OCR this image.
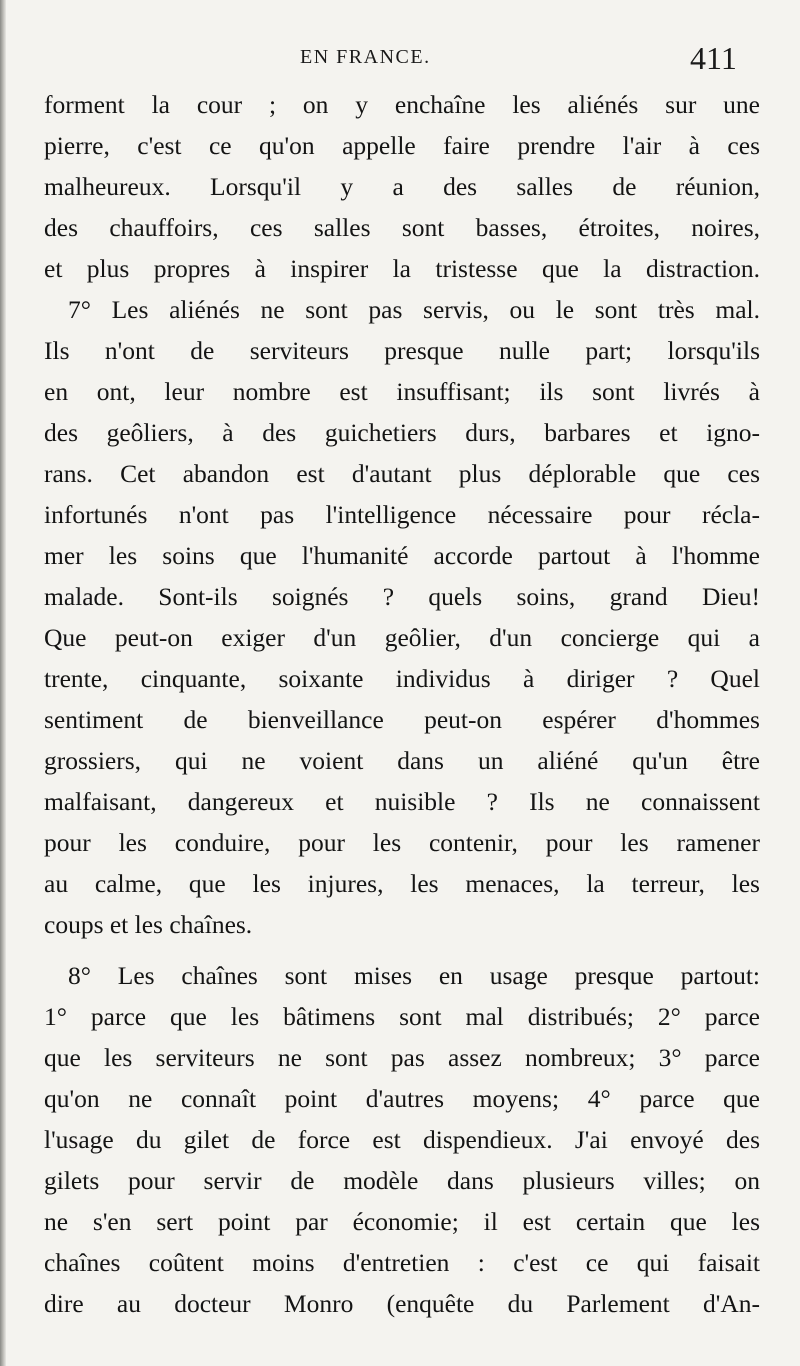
EN FRANCE.	411
forment la cour ; on y enchaîne les aliénés sur une
pierre, c'est ce qu'on appelle faire prendre l'air à ces
malheureux. Lorsqu'il y a des salles de réunion,
des chauffoirs, ces salles sont basses, étroites, noires,
et plus propres à inspirer la tristesse que la distraction.
7° Les aliénés ne sont pas servis, ou le sont très mal.
Ils n'ont de serviteurs presque nulle part; lorsqu'ils
en ont, leur nombre est insuffisant; ils sont livrés à
des geôliers, à des guichetiers durs, barbares et igno-
rans. Cet abandon est d'autant plus déplorable que ces
infortunés n'ont pas l'intelligence nécessaire pour récla-
mer les soins que l'humanité accorde partout à l'homme
malade. Sont-ils soignés ? quels soins, grand Dieu!
Que peut-on exiger d'un geôlier, d'un concierge qui a
trente, cinquante, soixante individus à diriger ? Quel
sentiment de bienveillance peut-on espérer d'hommes
grossiers, qui ne voient dans un aliéné qu'un être
malfaisant, dangereux et nuisible ? Ils ne connaissent
pour les conduire, pour les contenir, pour les ramener
au calme, que les injures, les menaces, la terreur, les
coups et les chaînes.
8° Les chaînes sont mises en usage presque partout:
1° parce que les bâtimens sont mal distribués; 2° parce
que les serviteurs ne sont pas assez nombreux; 3° parce
qu'on ne connaît point d'autres moyens; 4° parce que
l'usage du gilet de force est dispendieux. J'ai envoyé des
gilets pour servir de modèle dans plusieurs villes; on
ne s'en sert point par économie; il est certain que les
chaînes coûtent moins d'entretien : c'est ce qui faisait
dire au docteur Monro (enquête du Parlement d'An-
